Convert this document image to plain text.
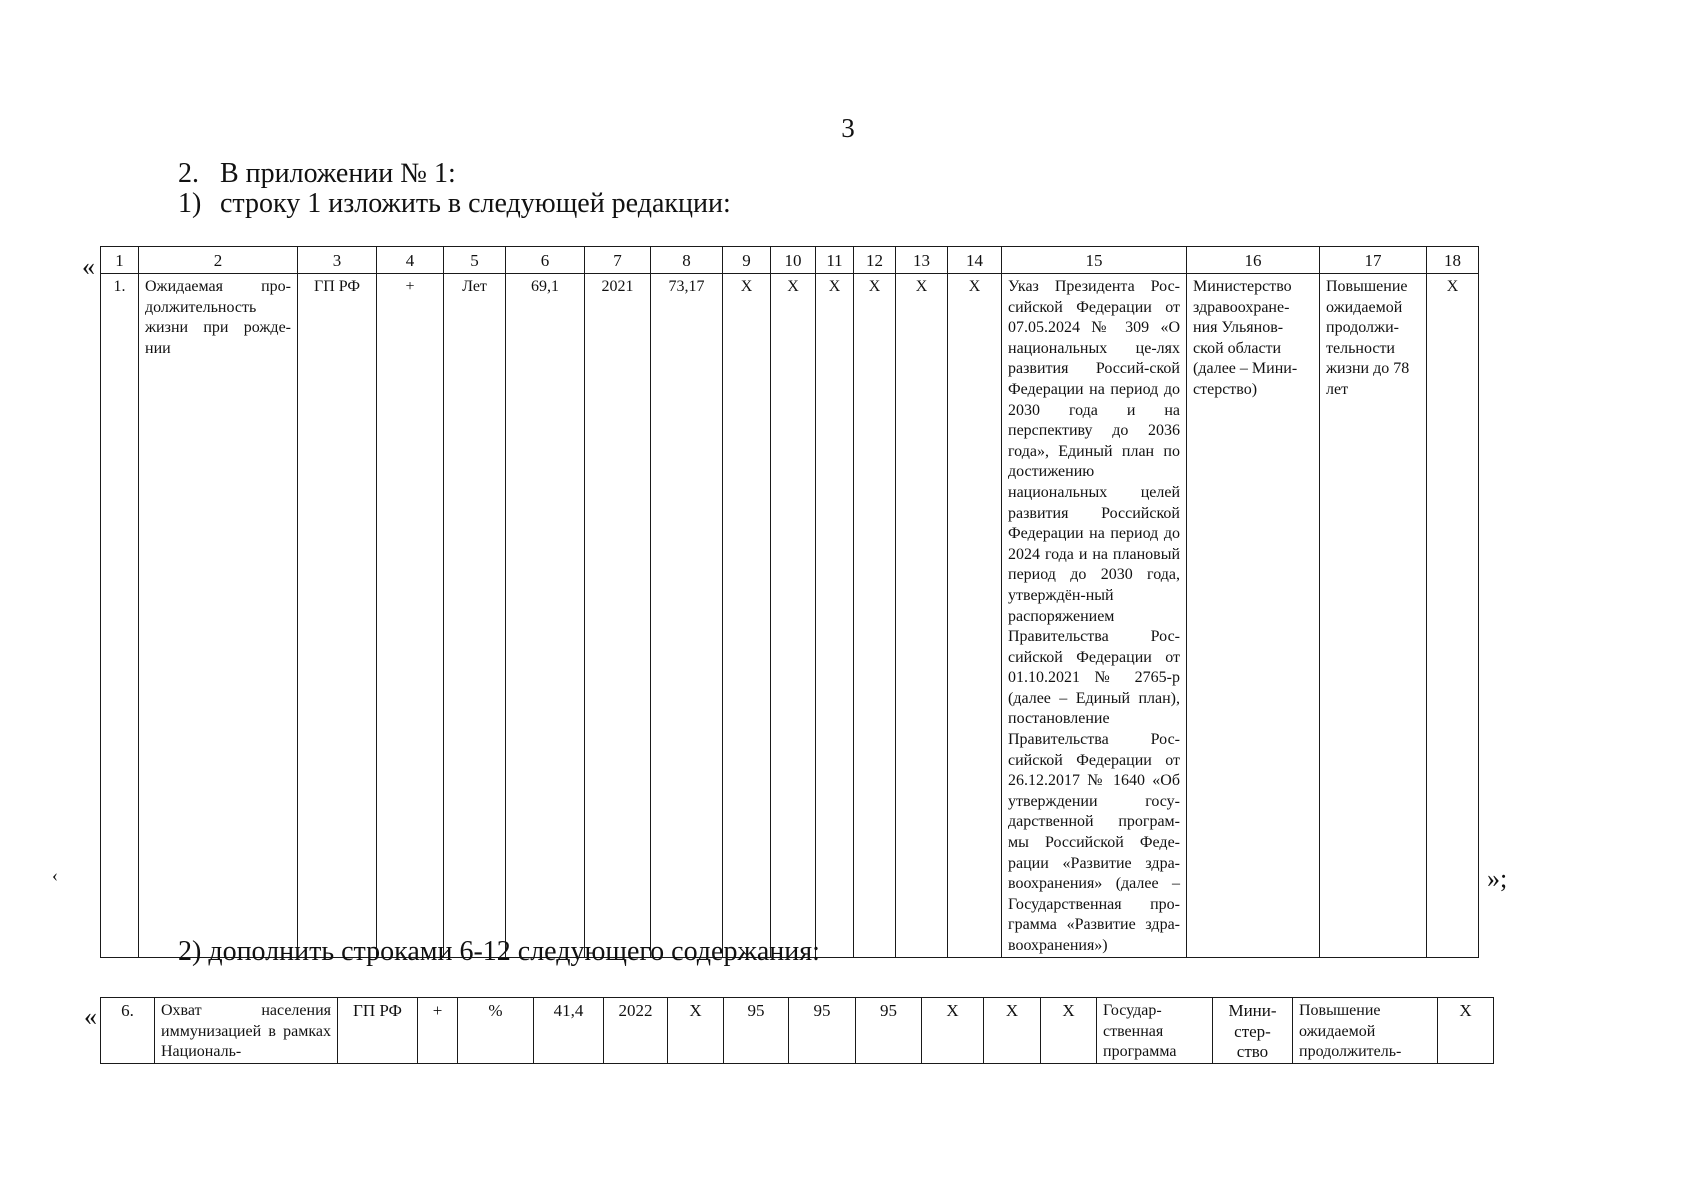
3
2. В приложении № 1:
1) строку 1 изложить в следующей редакции:
«
‹	»;
1	2	3	4	5	6	7	8	9	10	11	12	13	14	15	16	17	18
1.	Ожидаемая про-должительность жизни при рожде-нии	ГП РФ	+	Лет	69,1	2021	73,17	Х	Х	Х	Х	Х	Х	Указ Президента Рос-сийской Федерации от 07.05.2024 № 309 «О национальных це-лях развития Россий-ской Федерации на период до 2030 года и на перспективу до 2036 года», Единый план по достижению национальных целей развития Российской Федерации на период до 2024 года и на плановый период до 2030 года, утверждён-ный распоряжением Правительства Рос-сийской Федерации от 01.10.2021 № 2765-р (далее – Единый план), постановление Правительства Рос-сийской Федерации от 26.12.2017 № 1640 «Об утверждении госу-дарственной програм-мы Российской Феде-рации «Развитие здра-воохранения» (далее – Государственная про-грамма «Развитие здра-воохранения»)	Министерство здравоохране-ния Ульянов-ской области (далее – Мини-стерство)	Повышение ожидаемой продолжи-тельности жизни до 78 лет	Х
2) дополнить строками 6-12 следующего содержания:
« 6.	Охват населения иммунизацией в рамках Националь-	ГП РФ	+	%	41,4	2022	Х	95	95	95	Х	Х	Х	Государ-ственная программа	Мини-стер-ство	Повышение ожидаемой продолжитель-	Х
